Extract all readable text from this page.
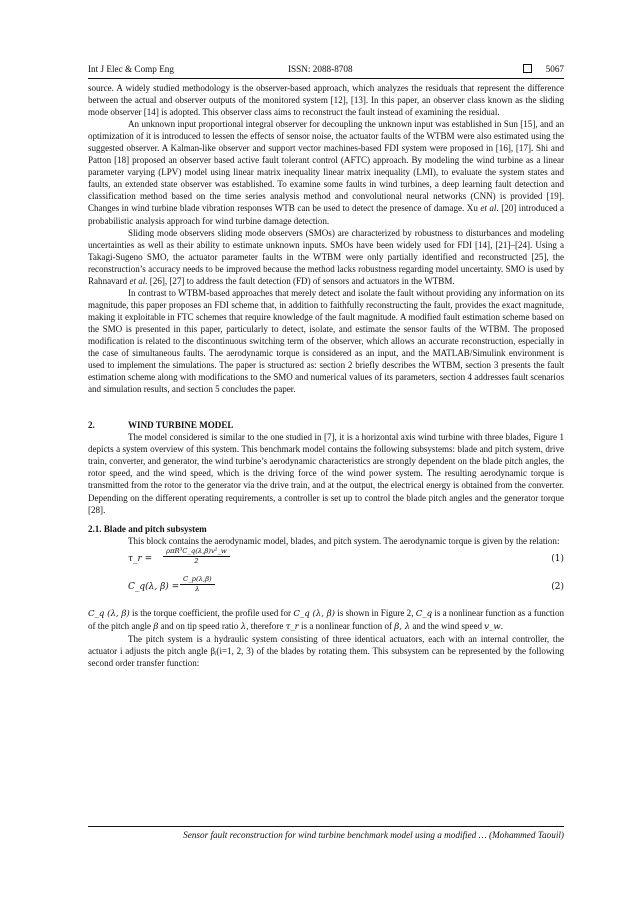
Int J Elec & Comp Eng	ISSN: 2088-8708	5067

source. A widely studied methodology is the observer-based approach, which analyzes the residuals that represent the difference between the actual and observer outputs of the monitored system [12], [13]. In this paper, an observer class known as the sliding mode observer [14] is adopted. This observer class aims to reconstruct the fault instead of examining the residual.

An unknown input proportional integral observer for decoupling the unknown input was established in Sun [15], and an optimization of it is introduced to lessen the effects of sensor noise, the actuator faults of the WTBM were also estimated using the suggested observer. A Kalman-like observer and support vector machines-based FDI system were proposed in [16], [17]. Shi and Patton [18] proposed an observer based active fault tolerant control (AFTC) approach. By modeling the wind turbine as a linear parameter varying (LPV) model using linear matrix inequality linear matrix inequality (LMI), to evaluate the system states and faults, an extended state observer was established. To examine some faults in wind turbines, a deep learning fault detection and classification method based on the time series analysis method and convolutional neural networks (CNN) is provided [19]. Changes in wind turbine blade vibration responses WTB can be used to detect the presence of damage. Xu et al. [20] introduced a probabilistic analysis approach for wind turbine damage detection.

Sliding mode observers sliding mode observers (SMOs) are characterized by robustness to disturbances and modeling uncertainties as well as their ability to estimate unknown inputs. SMOs have been widely used for FDI [14], [21]–[24]. Using a Takagi-Sugeno SMO, the actuator parameter faults in the WTBM were only partially identified and reconstructed [25], the reconstruction’s accuracy needs to be improved because the method lacks robustness regarding model uncertainty. SMO is used by Rahnavard et al. [26], [27] to address the fault detection (FD) of sensors and actuators in the WTBM.

In contrast to WTBM-based approaches that merely detect and isolate the fault without providing any information on its magnitude, this paper proposes an FDI scheme that, in addition to faithfully reconstructing the fault, provides the exact magnitude, making it exploitable in FTC schemes that require knowledge of the fault magnitude. A modified fault estimation scheme based on the SMO is presented in this paper, particularly to detect, isolate, and estimate the sensor faults of the WTBM. The proposed modification is related to the discontinuous switching term of the observer, which allows an accurate reconstruction, especially in the case of simultaneous faults. The aerodynamic torque is considered as an input, and the MATLAB/Simulink environment is used to implement the simulations. The paper is structured as: section 2 briefly describes the WTBM, section 3 presents the fault estimation scheme along with modifications to the SMO and numerical values of its parameters, section 4 addresses fault scenarios and simulation results, and section 5 concludes the paper.

2.	WIND TURBINE MODEL

The model considered is similar to the one studied in [7], it is a horizontal axis wind turbine with three blades, Figure 1 depicts a system overview of this system. This benchmark model contains the following subsystems: blade and pitch system, drive train, converter, and generator, the wind turbine’s aerodynamic characteristics are strongly dependent on the blade pitch angles, the rotor speed, and the wind speed, which is the driving force of the wind power system. The resulting aerodynamic torque is transmitted from the rotor to the generator via the drive train, and at the output, the electrical energy is obtained from the converter. Depending on the different operating requirements, a controller is set up to control the blade pitch angles and the generator torque [28].

2.1. Blade and pitch subsystem

This block contains the aerodynamic model, blades, and pitch system. The aerodynamic torque is given by the relation:

τ_r =
ρπR³C_q(λ,β)v²_w
2	(1)
C_q(λ, $\beta) = \frac{C\_p(\lambda,\beta)}{\lambda}$	(2)

C_q (λ, β) is the torque coefficient, the profile used for C_q (λ, β) is shown in Figure 2, C_q is a nonlinear function as a function of the pitch angle β and on tip speed ratio λ, therefore τ_r is a nonlinear function of β, λ and the wind speed v_w.

The pitch system is a hydraulic system consisting of three identical actuators, each with an internal controller, the actuator i adjusts the pitch angle βᵢ(i=1, 2, 3) of the blades by rotating them. This subsystem can be represented by the following second order transfer function:

Sensor fault reconstruction for wind turbine benchmark model using a modified … (Mohammed Taouil)
